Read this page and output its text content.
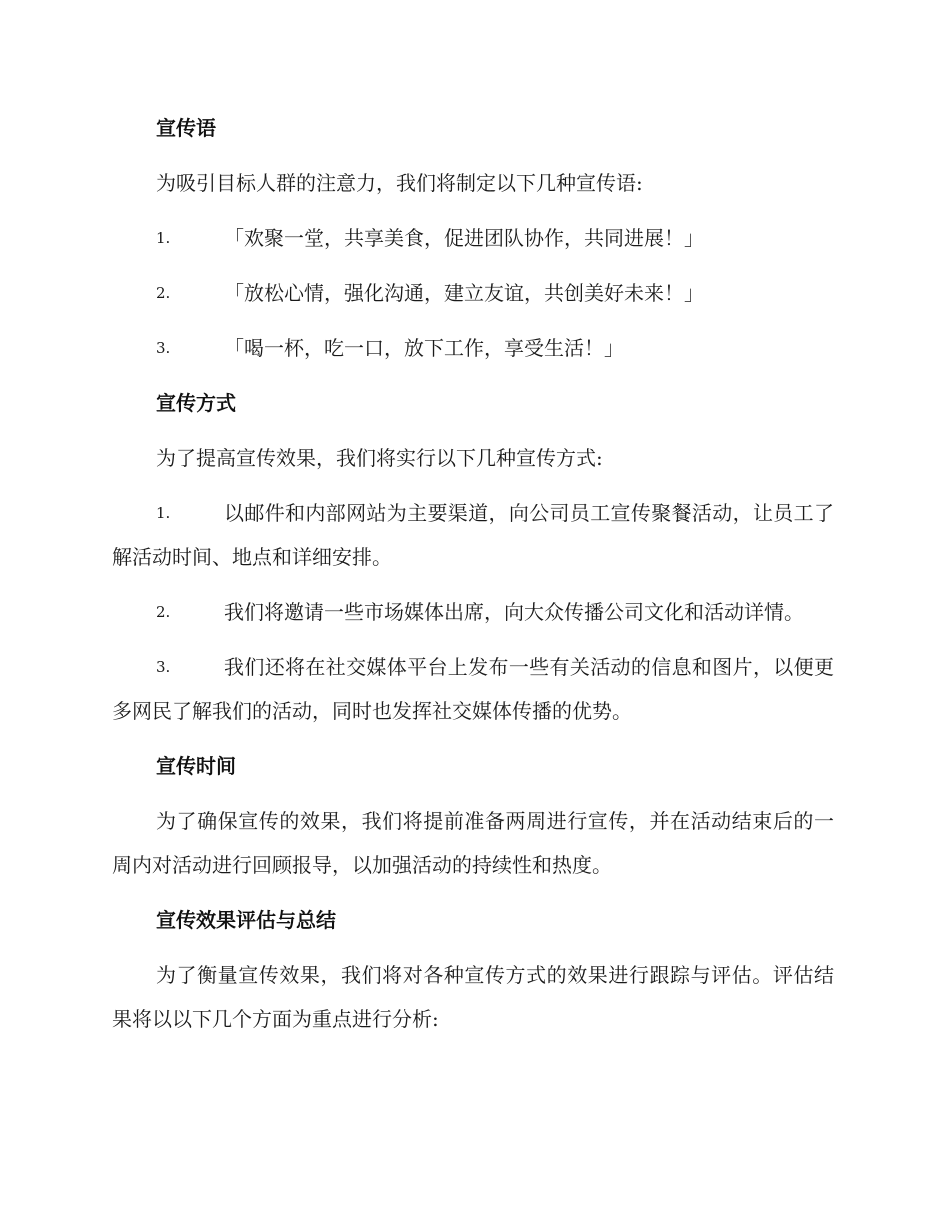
宣传语

为吸引目标人群的注意力，我们将制定以下几种宣传语:

1.	「欢聚一堂，共享美食，促进团队协作，共同进展！」
2.	「放松心情，强化沟通，建立友谊，共创美好未来！」
3.	「喝一杯，吃一口，放下工作，享受生活！」
宣传方式

为了提高宣传效果，我们将实行以下几种宣传方式:

1.	以邮件和内部网站为主要渠道，向公司员工宣传聚餐活动，让员工了解活动时间、地点和详细安排。
2.	我们将邀请一些市场媒体出席，向大众传播公司文化和活动详情。
3.	我们还将在社交媒体平台上发布一些有关活动的信息和图片，以便更多网民了解我们的活动，同时也发挥社交媒体传播的优势。
宣传时间

为了确保宣传的效果，我们将提前准备两周进行宣传，并在活动结束后的一周内对活动进行回顾报导，以加强活动的持续性和热度。

宣传效果评估与总结

为了衡量宣传效果，我们将对各种宣传方式的效果进行跟踪与评估。评估结果将以以下几个方面为重点进行分析:
